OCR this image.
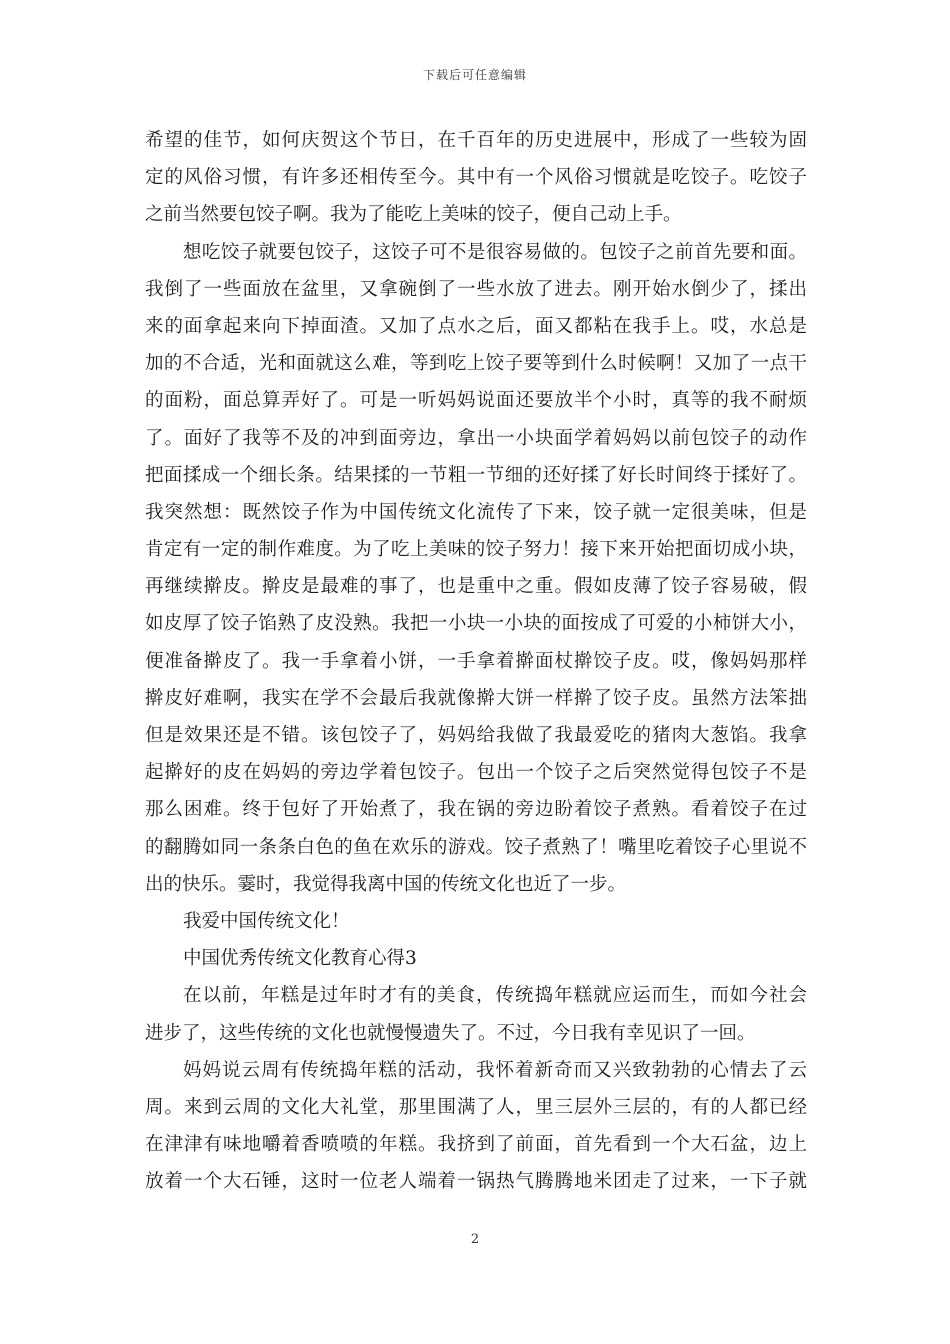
下载后可任意编辑
希望的佳节，如何庆贺这个节日，在千百年的历史进展中，形成了一些较为固
定的风俗习惯，有许多还相传至今。其中有一个风俗习惯就是吃饺子。吃饺子
之前当然要包饺子啊。我为了能吃上美味的饺子，便自己动上手。
想吃饺子就要包饺子，这饺子可不是很容易做的。包饺子之前首先要和面。
我倒了一些面放在盆里，又拿碗倒了一些水放了进去。刚开始水倒少了，揉出
来的面拿起来向下掉面渣。又加了点水之后，面又都粘在我手上。哎，水总是
加的不合适，光和面就这么难，等到吃上饺子要等到什么时候啊！又加了一点干
的面粉，面总算弄好了。可是一听妈妈说面还要放半个小时，真等的我不耐烦
了。面好了我等不及的冲到面旁边，拿出一小块面学着妈妈以前包饺子的动作
把面揉成一个细长条。结果揉的一节粗一节细的还好揉了好长时间终于揉好了。
我突然想：既然饺子作为中国传统文化流传了下来，饺子就一定很美味，但是
肯定有一定的制作难度。为了吃上美味的饺子努力！接下来开始把面切成小块，
再继续擀皮。擀皮是最难的事了，也是重中之重。假如皮薄了饺子容易破，假
如皮厚了饺子馅熟了皮没熟。我把一小块一小块的面按成了可爱的小柿饼大小，
便准备擀皮了。我一手拿着小饼，一手拿着擀面杖擀饺子皮。哎，像妈妈那样
擀皮好难啊，我实在学不会最后我就像擀大饼一样擀了饺子皮。虽然方法笨拙
但是效果还是不错。该包饺子了，妈妈给我做了我最爱吃的猪肉大葱馅。我拿
起擀好的皮在妈妈的旁边学着包饺子。包出一个饺子之后突然觉得包饺子不是
那么困难。终于包好了开始煮了，我在锅的旁边盼着饺子煮熟。看着饺子在过
的翻腾如同一条条白色的鱼在欢乐的游戏。饺子煮熟了！嘴里吃着饺子心里说不
出的快乐。霎时，我觉得我离中国的传统文化也近了一步。
我爱中国传统文化！
中国优秀传统文化教育心得3
在以前，年糕是过年时才有的美食，传统捣年糕就应运而生，而如今社会
进步了，这些传统的文化也就慢慢遗失了。不过，今日我有幸见识了一回。
妈妈说云周有传统捣年糕的活动，我怀着新奇而又兴致勃勃的心情去了云
周。来到云周的文化大礼堂，那里围满了人，里三层外三层的，有的人都已经
在津津有味地嚼着香喷喷的年糕。我挤到了前面，首先看到一个大石盆，边上
放着一个大石锤，这时一位老人端着一锅热气腾腾地米团走了过来，一下子就
2
